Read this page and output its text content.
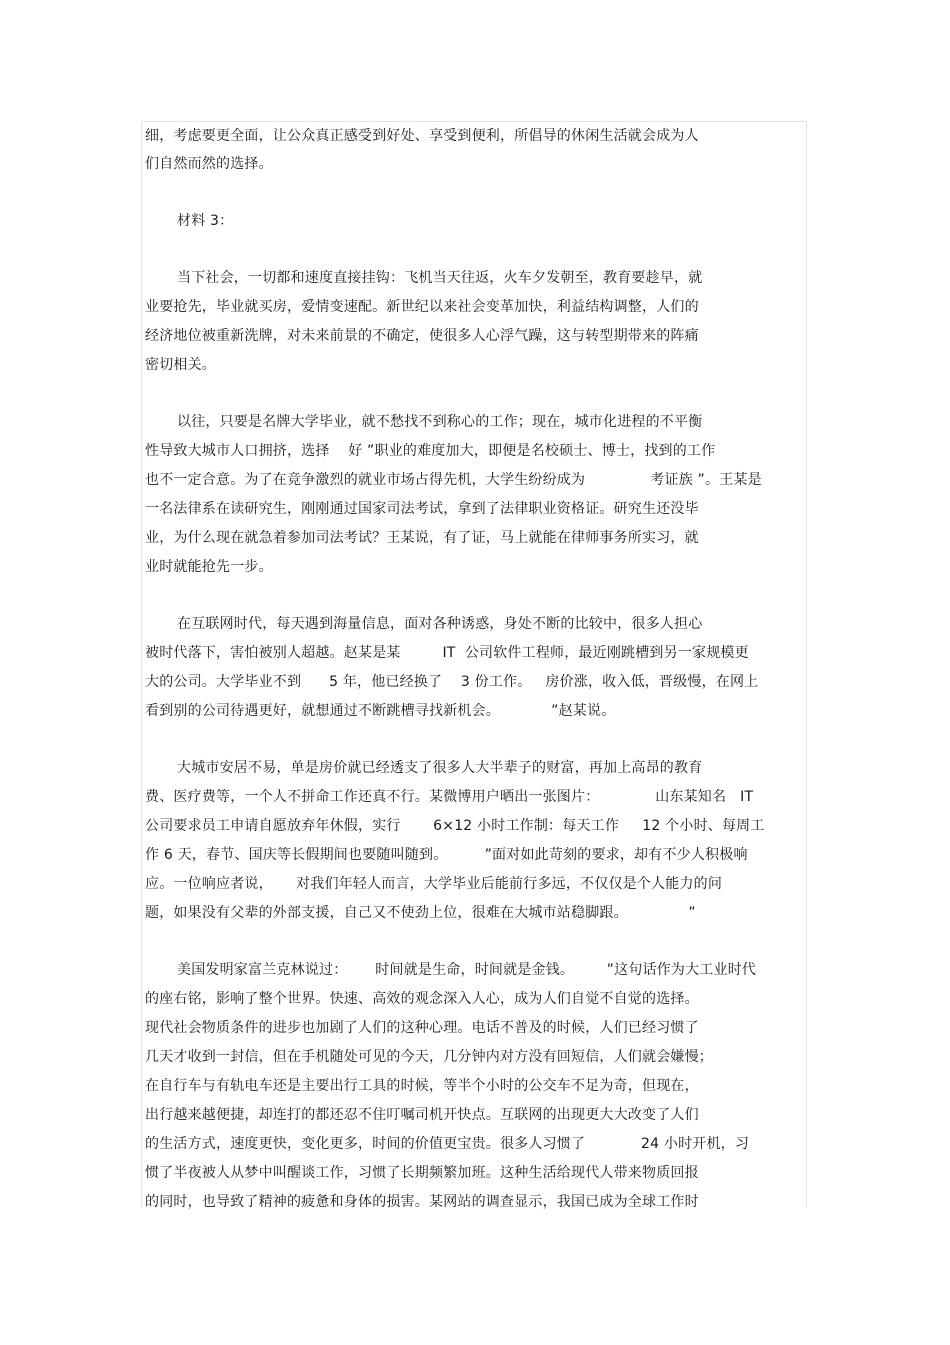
细，考虑要更全面，让公众真正感受到好处、享受到便利，所倡导的休闲生活就会成为人
们自然而然的选择。
材料 3：
当下社会，一切都和速度直接挂钩：飞机当天往返，火车夕发朝至，教育要趁早，就
业要抢先，毕业就买房，爱情变速配。新世纪以来社会变革加快，利益结构调整，人们的
经济地位被重新洗牌，对未来前景的不确定，使很多人心浮气躁，这与转型期带来的阵痛
密切相关。
以往，只要是名牌大学毕业，就不愁找不到称心的工作；现在，城市化进程的不平衡
性导致大城市人口拥挤，选择    好 ”职业的难度加大，即便是名校硕士、博士，找到的工作
也不一定合意。为了在竞争激烈的就业市场占得先机，大学生纷纷成为              考证族 ”。王某是
一名法律系在读研究生，刚刚通过国家司法考试，拿到了法律职业资格证。研究生还没毕
业，为什么现在就急着参加司法考试？王某说，有了证，马上就能在律师事务所实习，就
业时就能抢先一步。
在互联网时代，每天遇到海量信息，面对各种诱惑，身处不断的比较中，很多人担心
被时代落下，害怕被别人超越。赵某是某         IT  公司软件工程师，最近刚跳槽到另一家规模更
大的公司。大学毕业不到      5 年，他已经换了    3 份工作。   房价涨，收入低，晋级慢，在网上
看到别的公司待遇更好，就想通过不断跳槽寻找新机会。           ”赵某说。
大城市安居不易，单是房价就已经透支了很多人大半辈子的财富，再加上高昂的教育
费、医疗费等，一个人不拼命工作还真不行。某微博用户晒出一张图片：            山东某知名   IT
公司要求员工申请自愿放弃年休假，实行       6×12 小时工作制：每天工作     12 个小时、每周工
作 6 天，春节、国庆等长假期间也要随叫随到。        ”面对如此苛刻的要求，却有不少人积极响
应。一位响应者说，     对我们年轻人而言，大学毕业后能前行多远，不仅仅是个人能力的问
题，如果没有父辈的外部支援，自己又不使劲上位，很难在大城市站稳脚跟。             ”
美国发明家富兰克林说过：      时间就是生命，时间就是金钱。       ”这句话作为大工业时代
的座右铭，影响了整个世界。快速、高效的观念深入人心，成为人们自觉不自觉的选择。
现代社会物质条件的进步也加剧了人们的这种心理。电话不普及的时候，人们已经习惯了
几天才收到一封信，但在手机随处可见的今天，几分钟内对方没有回短信，人们就会嫌慢；
在自行车与有轨电车还是主要出行工具的时候，等半个小时的公交车不足为奇，但现在，
出行越来越便捷，却连打的都还忍不住叮嘱司机开快点。互联网的出现更大大改变了人们
的生活方式，速度更快，变化更多，时间的价值更宝贵。很多人习惯了            24 小时开机，习
惯了半夜被人从梦中叫醒谈工作，习惯了长期频繁加班。这种生活给现代人带来物质回报
的同时，也导致了精神的疲惫和身体的损害。某网站的调查显示，我国已成为全球工作时
